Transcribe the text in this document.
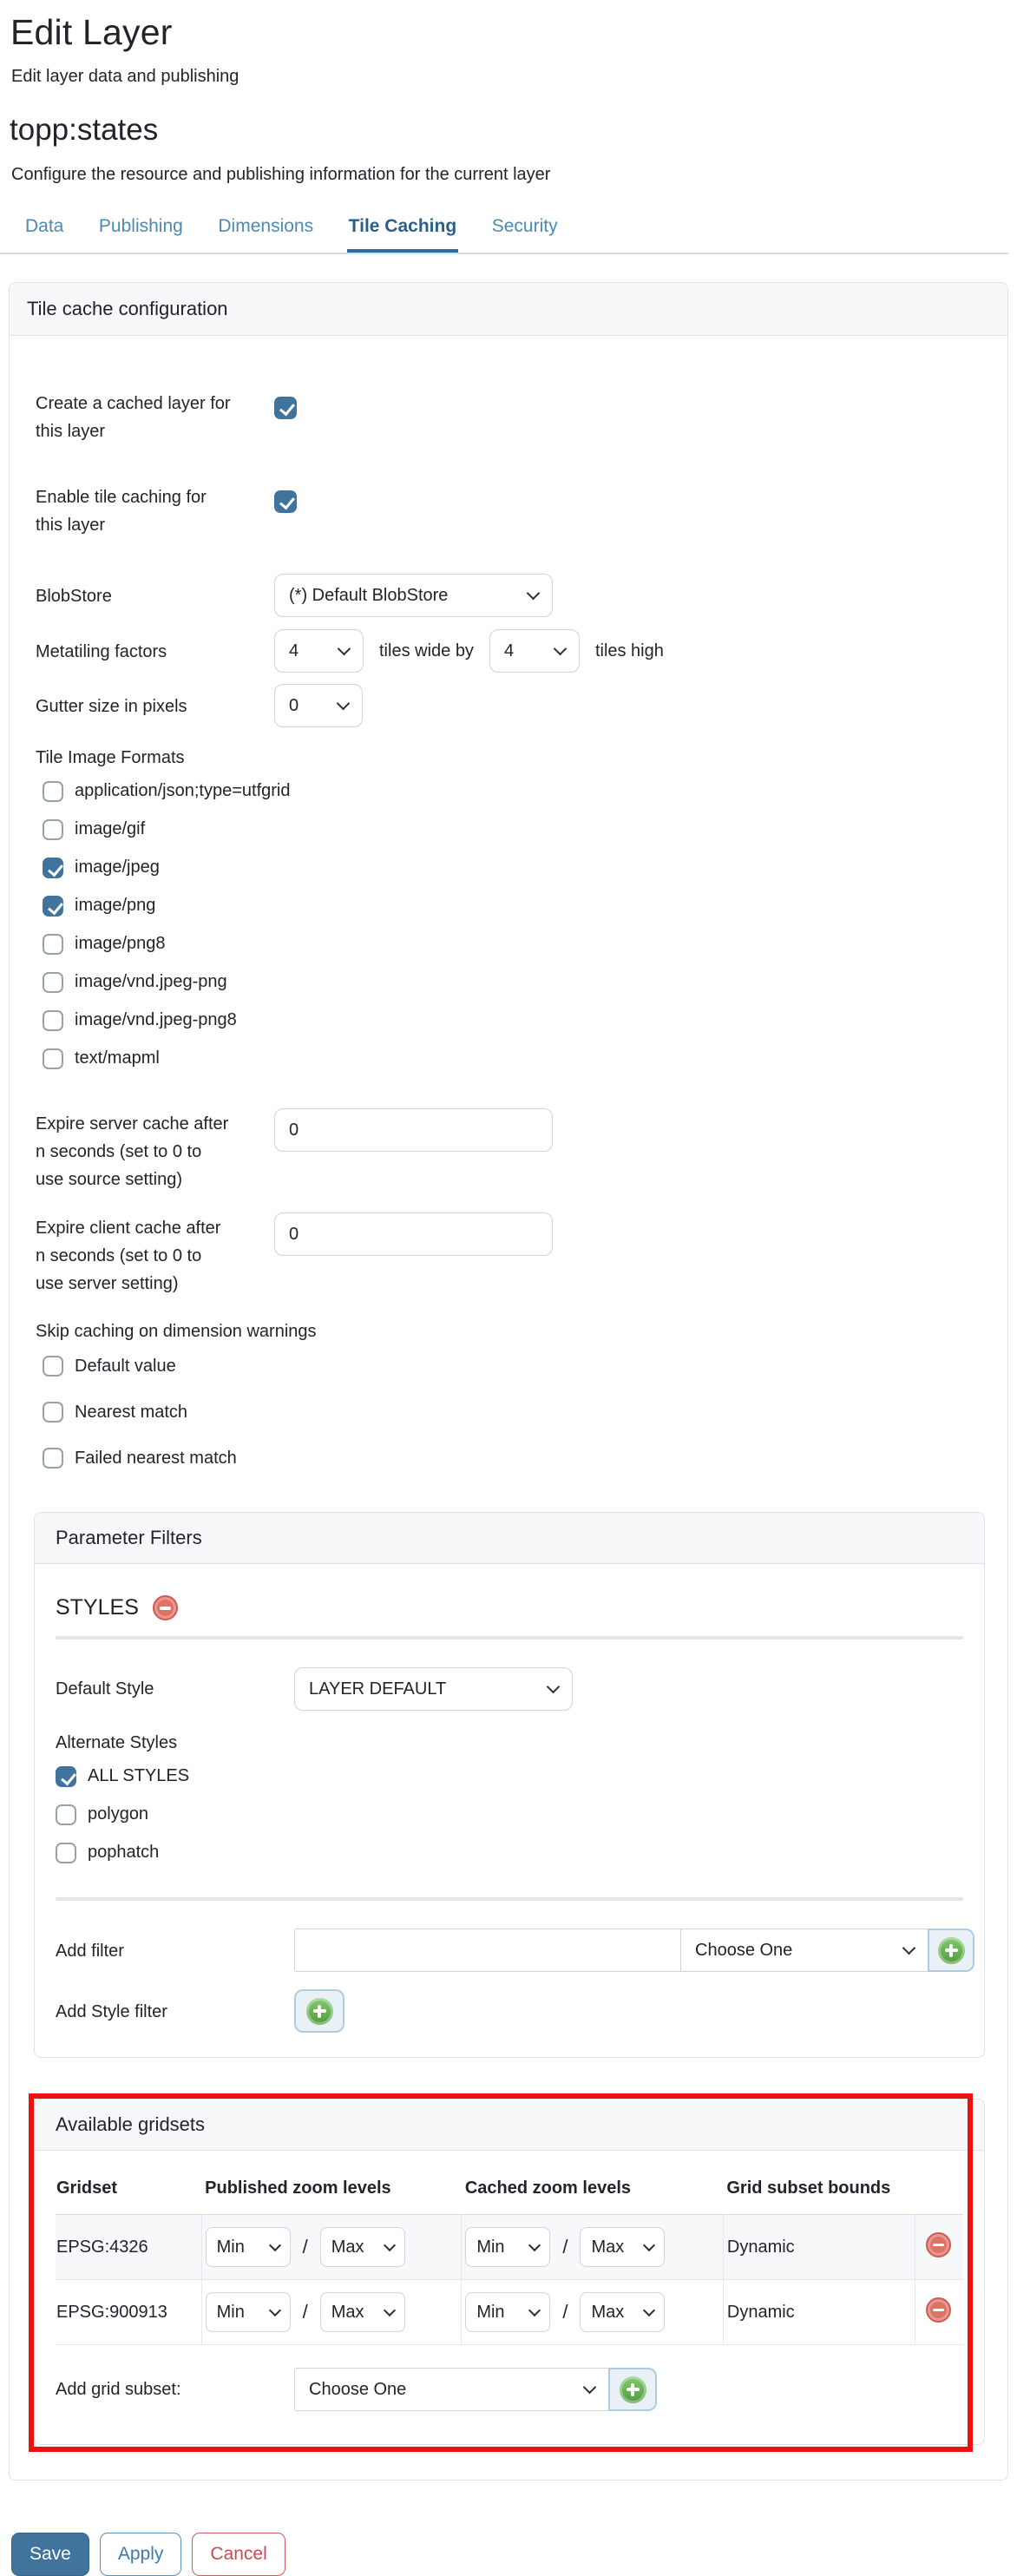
Edit Layer

Edit layer data and publishing

topp:states

Configure the resource and publishing information for the current layer

Data Publishing Dimensions Tile Caching Security
Tile cache configuration
Create a cached layer for this layer
Enable tile caching for this layer
BlobStore	(*) Default BlobStore
Metatiling factors	4	tiles wide by 4	tiles high
Gutter size in pixels	0
Tile Image Formats
application/json;type=utfgrid
image/gif
image/jpeg
image/png
image/png8
image/vnd.jpeg-png
image/vnd.jpeg-png8
text/mapml
Expire server cache after n seconds (set to 0 to use source setting)
0
Expire client cache after n seconds (set to 0 to use server setting)
0
Skip caching on dimension warnings
Default value
Nearest match
Failed nearest match
Parameter Filters
STYLES
Default Style	LAYER DEFAULT
Alternate Styles
ALL STYLES
polygon
pophatch
Add filter	Choose One
Add Style filter
Available gridsets
Gridset	Published zoom levels	Cached zoom levels	Grid subset bounds	
EPSG:4326	Min	/ Max	Min	/ Max	Dynamic	
EPSG:900913	Min	/ Max	Min	/ Max	Dynamic	
Add grid subset:	Choose One
Save	Apply	Cancel
